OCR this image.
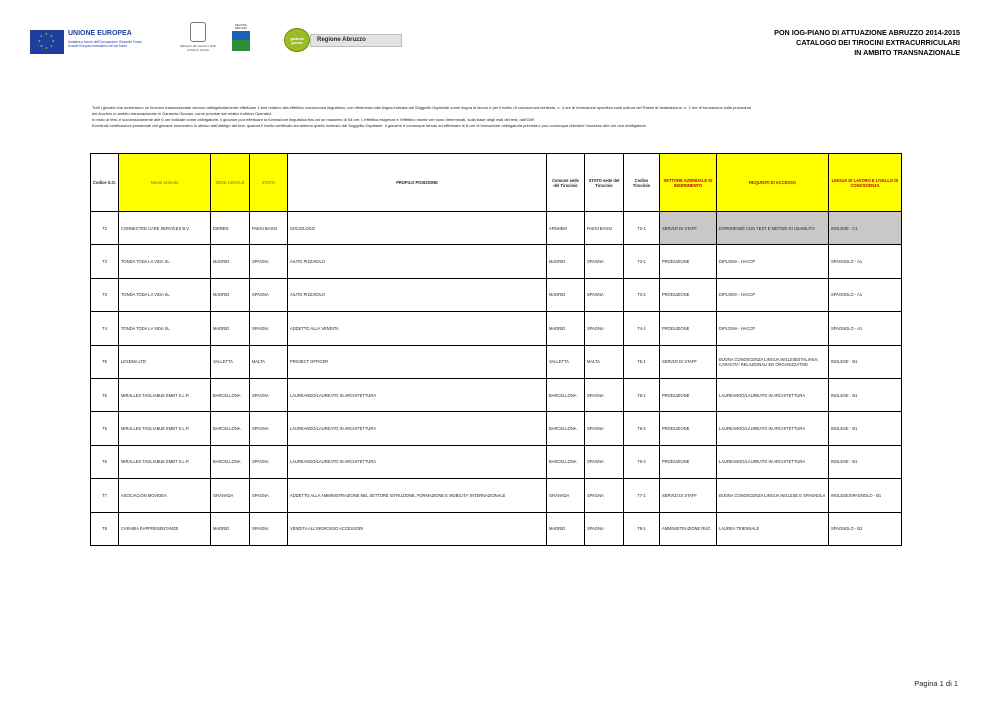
★ ★
★
★
★
★
★
★	UNIONE EUROPEA
Iniziativa a favore dell'Occupazione Giovanile Fondo Sociale Europeo Investiamo nel tuo futuro	Ministero del Lavoro e delle Politiche Sociali
REGIONE ABRUZZO
garanzia giovani	Regione Abruzzo
PON IOG-PIANO DI ATTUAZIONE ABRUZZO 2014-2015
CATALOGO DEI TIROCINI EXTRACURRICULARI
IN AMBITO TRANSNAZIONALE
Tutti i giovani che avvieranno un tirocinio transnazionale devono obbligatoriamente effettuare 1 test relativo alla effettiva conoscenza linguistica, con riferimento alla lingua indicata dal Soggetto Ospitante come lingua di lavoro e per il livello di conoscenza richiesto, n. 4 ore di formazione specifica sulla cultura del Paese di destinazione, n. 2 ore di formazione sulle procedure
del tirocinio in ambito transnazionale in Garanzia Giovani, come previste dai relativi Indirizzi Operativi.
In esito al test, e successivamente alle 6 ore indicate come obbligatorie, il giovane può effettuare la formazione linguistica fino ad un massimo di 54 ore. L'effettiva esigenza e l'effettivo monte ore sono determinati, sulla base degli esiti del test, dall'OdF.
Eventuali certificazioni possedute dal giovane esonerano lo stesso dall'obbligo del test, qualora il livello certificato sia almeno quello richiesto dal Soggetto Ospitante. Il giovane è comunque tenuto ad effettuare le 6 ore di formazione obbligatoria prevista e può comunque chiedere l'accesso alle ore non obbligatorie.
Codice S.O.	Nome azienda	SEDE LEGALE	STATO	PROFILO POSIZIONE	Comune sede del Tirocinio	STATO sede del Tirocinio	Codice Tirocinio	SETTORE AZIENDALE DI INSERIMENTO	REQUISITI DI ACCESSO	LINGUA DI LAVORO E LIVELLO DI CONOSCENZA
T2	CONNECTED CARE SERVICES B.V.	DIEREN	PAESI BASSI	SOCIOLOGO	ARNHEM	PAESI BASSI	T2-1	SERVIZI DI STAFF	ESPERIENZE CON TEST E METODI DI USABILITA'	INGLESE - C1
T3	TONDA TODA LA VIDA SL	MADRID	SPAGNA	AIUTO PIZZAIOLO	MADRID	SPAGNA	T3-1	PRODUZIONE	DIPLOMA - HACCP	SPAGNOLO - A1
T3	TONDA TODA LA VIDA SL	MADRID	SPAGNA	AIUTO PIZZAIOLO	MADRID	SPAGNA	T3-2	PRODUZIONE	DIPLOMA - HACCP	SPAGNOLO - A1
T4	TONDA TODA LA VIDA SL	MADRID	SPAGNA	ADDETTO ALLA VENDITA	MADRID	SPAGNA	T4-1	PRODUZIONE	DIPLOMA - HACCP	SPAGNOLO - A1
T5	LEXEMA LTD	VALLETTA	MALTA	PROJECT OFFICER	VALLETTA	MALTA	T5-1	SERVIZI DI STAFF	BUONA CONOSCENZA LINGUA INGLESE/ITALIANA; CAPACITA' RELAZIONALI ED ORGANIZZATIVE	INGLESE - B1
T6	MIRALLES TAGLIABUE EMBT S.L.P.	BARCELLONA	SPAGNA	LAUREANDO/LAUREATO IN ARCHITETTURA	BARCELLONA	SPAGNA	T6-1	PRODUZIONE	LAUREANDO/LAUREATO IN ARCHITETTURA	INGLESE - B1
T6	MIRALLES TAGLIABUE EMBT S.L.P.	BARCELLONA	SPAGNA	LAUREANDO/LAUREATO IN ARCHITETTURA	BARCELLONA	SPAGNA	T6-2	PRODUZIONE	LAUREANDO/LAUREATO IN ARCHITETTURA	INGLESE - B1
T6	MIRALLES TAGLIABUE EMBT S.L.P.	BARCELLONA	SPAGNA	LAUREANDO/LAUREATO IN ARCHITETTURA	BARCELLONA	SPAGNA	T6-3	PRODUZIONE	LAUREANDO/LAUREATO IN ARCHITETTURA	INGLESE - B1
T7	ASOCIACION MOVIDEA	GRANADA	SPAGNA	ADDETTO ALLA AMMINISTRAZIONE NEL SETTORE ISTRUZIONE, FORMAZIONE E MOBILITA' INTERNAZIONALE	GRANADA	SPAGNA	T7-1	SERVIZI DI STAFF	BUONA CONOSCENZA LINGUA INGLESE E SPAGNOLA	INGLESE/SPAGNOLO - B1
T8	CARABIA RAPPRESENTANZE	MADRID	SPAGNA	VENDITA ALL'INGROSSO ACCESSORI	MADRID	SPAGNA	T8-1	AMMINISTRAZIONE RUO	LAUREA TRIENNALE	SPAGNOLO - B2
Pagina 1 di 1
